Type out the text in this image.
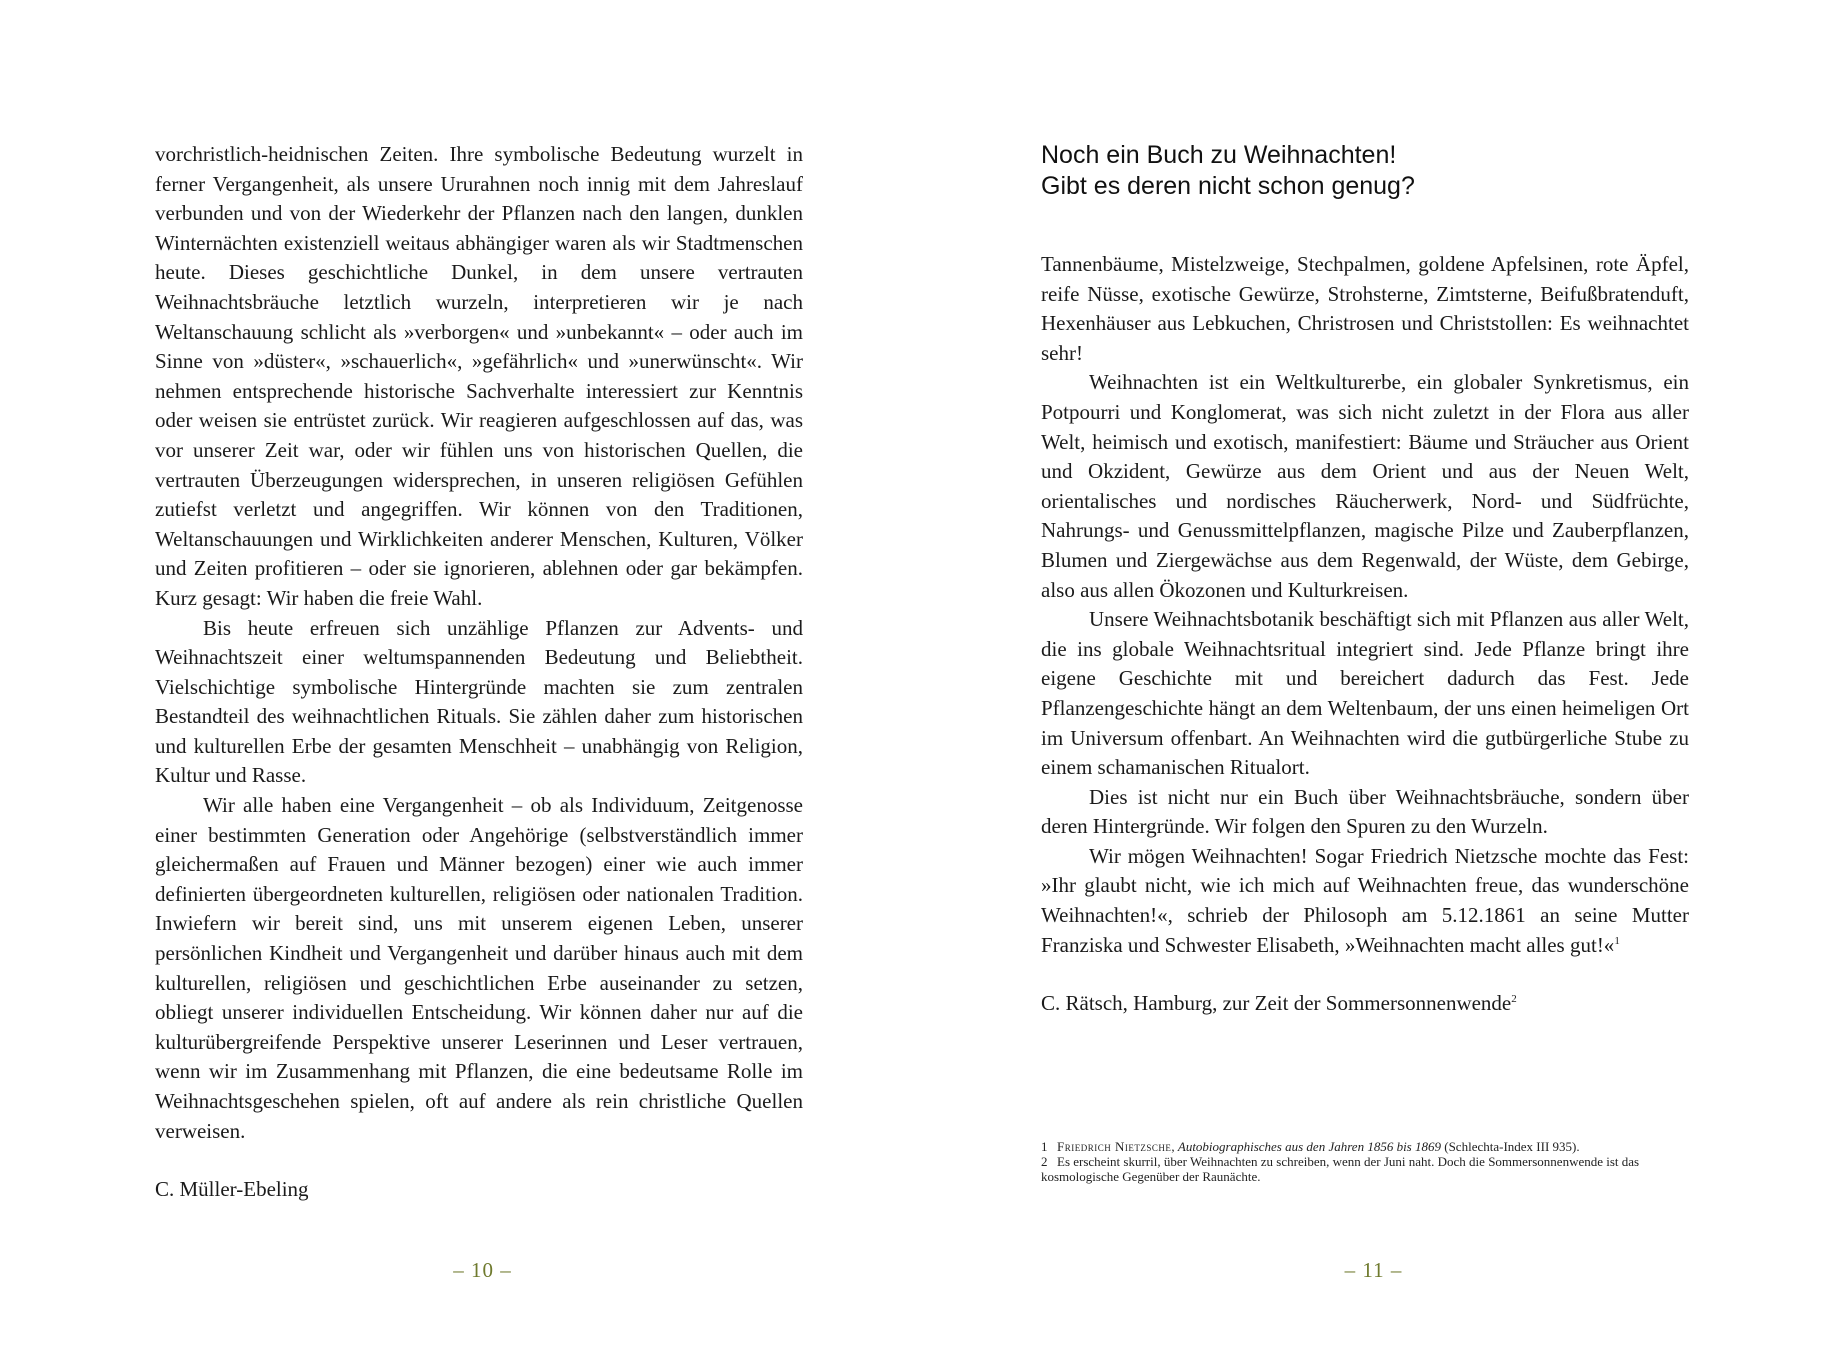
vorchristlich-heidnischen Zeiten. Ihre symbolische Bedeutung wurzelt in ferner Vergangenheit, als unsere Ururahnen noch innig mit dem Jahreslauf verbunden und von der Wiederkehr der Pflanzen nach den langen, dunklen Winternächten existenziell weitaus abhängiger waren als wir Stadtmenschen heute. Dieses geschichtliche Dunkel, in dem unsere vertrauten Weihnachtsbräuche letztlich wurzeln, interpretieren wir je nach Weltanschauung schlicht als »verborgen« und »unbekannt« – oder auch im Sinne von »düster«, »schauerlich«, »gefährlich« und »unerwünscht«. Wir nehmen entsprechende historische Sachverhalte interessiert zur Kenntnis oder weisen sie entrüstet zurück. Wir reagieren aufgeschlossen auf das, was vor unserer Zeit war, oder wir fühlen uns von historischen Quellen, die vertrauten Überzeugungen widersprechen, in unseren religiösen Gefühlen zutiefst verletzt und angegriffen. Wir können von den Traditionen, Weltanschauungen und Wirklichkeiten anderer Menschen, Kulturen, Völker und Zeiten profitieren – oder sie ignorieren, ablehnen oder gar bekämpfen. Kurz gesagt: Wir haben die freie Wahl.

Bis heute erfreuen sich unzählige Pflanzen zur Advents- und Weihnachtszeit einer weltumspannenden Bedeutung und Beliebtheit. Vielschichtige symbolische Hintergründe machten sie zum zentralen Bestandteil des weihnachtlichen Rituals. Sie zählen daher zum historischen und kulturellen Erbe der gesamten Menschheit – unabhängig von Religion, Kultur und Rasse.

Wir alle haben eine Vergangenheit – ob als Individuum, Zeitgenosse einer bestimmten Generation oder Angehörige (selbstverständlich immer gleichermaßen auf Frauen und Männer bezogen) einer wie auch immer definierten übergeordneten kulturellen, religiösen oder nationalen Tradition. Inwiefern wir bereit sind, uns mit unserem eigenen Leben, unserer persönlichen Kindheit und Vergangenheit und darüber hinaus auch mit dem kulturellen, religiösen und geschichtlichen Erbe auseinander zu setzen, obliegt unserer individuellen Entscheidung. Wir können daher nur auf die kulturübergreifende Perspektive unserer Leserinnen und Leser vertrauen, wenn wir im Zusammenhang mit Pflanzen, die eine bedeutsame Rolle im Weihnachtsgeschehen spielen, oft auf andere als rein christliche Quellen verweisen.

C. Müller-Ebeling

– 10 –
Noch ein Buch zu Weihnachten!
Gibt es deren nicht schon genug?

Tannenbäume, Mistelzweige, Stechpalmen, goldene Apfelsinen, rote Äpfel, reife Nüsse, exotische Gewürze, Strohsterne, Zimtsterne, Beifußbratenduft, Hexenhäuser aus Lebkuchen, Christrosen und Christstollen: Es weihnachtet sehr!

Weihnachten ist ein Weltkulturerbe, ein globaler Synkretismus, ein Potpourri und Konglomerat, was sich nicht zuletzt in der Flora aus aller Welt, heimisch und exotisch, manifestiert: Bäume und Sträucher aus Orient und Okzident, Gewürze aus dem Orient und aus der Neuen Welt, orientalisches und nordisches Räucherwerk, Nord- und Südfrüchte, Nahrungs- und Genussmittelpflanzen, magische Pilze und Zauberpflanzen, Blumen und Ziergewächse aus dem Regenwald, der Wüste, dem Gebirge, also aus allen Ökozonen und Kulturkreisen.

Unsere Weihnachtsbotanik beschäftigt sich mit Pflanzen aus aller Welt, die ins globale Weihnachtsritual integriert sind. Jede Pflanze bringt ihre eigene Geschichte mit und bereichert dadurch das Fest. Jede Pflanzengeschichte hängt an dem Weltenbaum, der uns einen heimeligen Ort im Universum offenbart. An Weihnachten wird die gutbürgerliche Stube zu einem schamanischen Ritualort.

Dies ist nicht nur ein Buch über Weihnachtsbräuche, sondern über deren Hintergründe. Wir folgen den Spuren zu den Wurzeln.

Wir mögen Weihnachten! Sogar Friedrich Nietzsche mochte das Fest: »Ihr glaubt nicht, wie ich mich auf Weihnachten freue, das wunderschöne Weihnachten!«, schrieb der Philosoph am 5.12.1861 an seine Mutter Franziska und Schwester Elisabeth, »Weihnachten macht alles gut!«$^1$

C. Rätsch, Hamburg, zur Zeit der Sommersonnenwende$^2$

1 Friedrich Nietzsche, Autobiographisches aus den Jahren 1856 bis 1869 (Schlechta-Index III 935).

2 Es erscheint skurril, über Weihnachten zu schreiben, wenn der Juni naht. Doch die Sommersonnenwende ist das kosmologische Gegenüber der Raunächte.

– 11 –
